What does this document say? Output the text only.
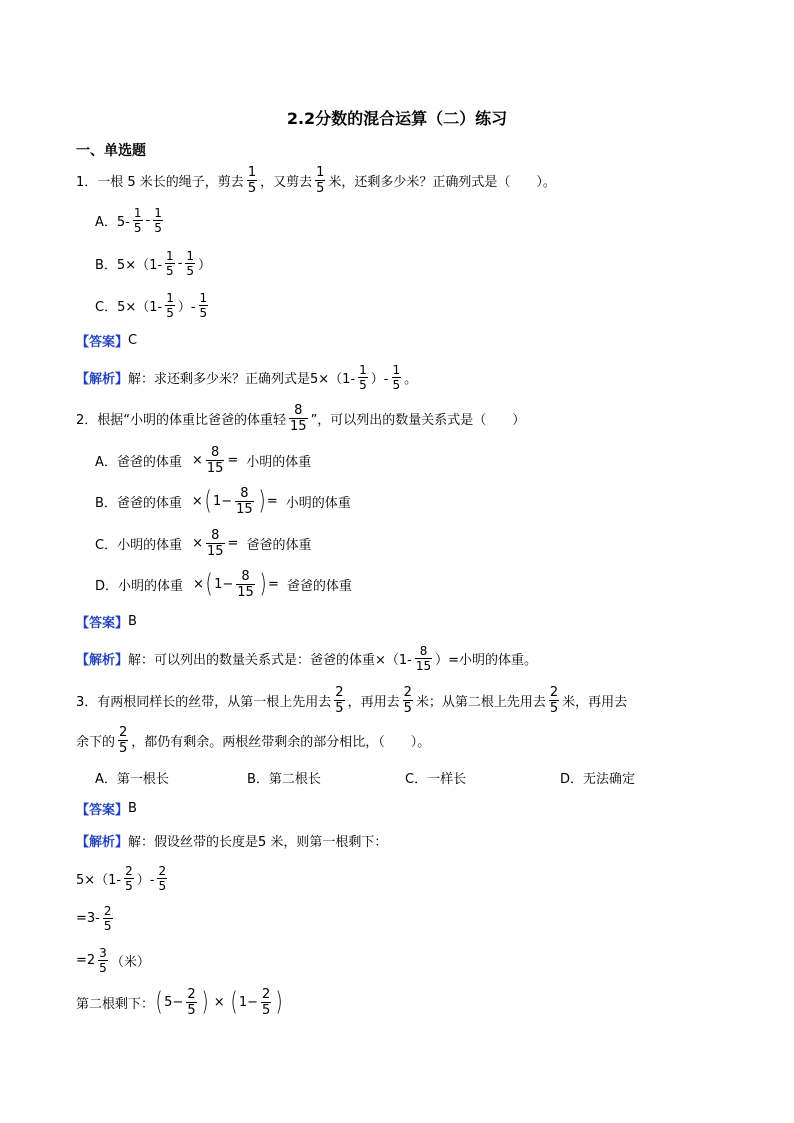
2.2分数的混合运算（二）练习
一、单选题
1．一根 5 米长的绳子，剪去 $\frac{1}{5}$ ，又剪去 $\frac{1}{5}$ 米，还剩多少米？正确列式是（　　）。
A．$5- \frac{1}{5} - \frac{1}{5}$
B．$5\times(1- \frac{1}{5} - \frac{1}{5}$ ）
C．$5\times(1- \frac{1}{5}$ ）- $\frac{1}{5}$
【答案】 C
【解析】 解：求还剩多少米？正确列式是$5\times(1- \frac{1}{5}$ ）- $\frac{1}{5}$ 。
2．根据“小明的体重比爸爸的体重轻 $\frac{8}{15}$ ”，可以列出的数量关系式是（　　）
A．爸爸的体重 × $\frac{8}{15}$ = 小明的体重
B．爸爸的体重 × ( $1- \frac{8}{15}$ ) = 小明的体重
C．小明的体重 × $\frac{8}{15}$ = 爸爸的体重
D．小明的体重 × ( $1- \frac{8}{15}$ ) = 爸爸的体重
【答案】 B
【解析】 解：可以列出的数量关系式是：爸爸的体重$\times(1- \frac{8}{15}$ ）=小明的体重。
3．有两根同样长的丝带，从第一根上先用去 $\frac{2}{5}$ ，再用去 $\frac{2}{5}$ 米；从第二根上先用去 $\frac{2}{5}$ 米，再用去
余下的 $\frac{2}{5}$ ，都仍有剩余。两根丝带剩余的部分相比，（　　）。
A．第一根长	B．第二根长	C．一样长	D．无法确定
【答案】 B
【解析】 解：假设丝带的长度是5 米，则第一根剩下：
$5\times(1- \frac{2}{5}$ ）- $\frac{2}{5}$
$=3- \frac{2}{5}$
$=2 \frac{3}{5}$ （米）
第二根剩下： ( $5- \frac{2}{5}$ ) × ( $1- \frac{2}{5}$ )
